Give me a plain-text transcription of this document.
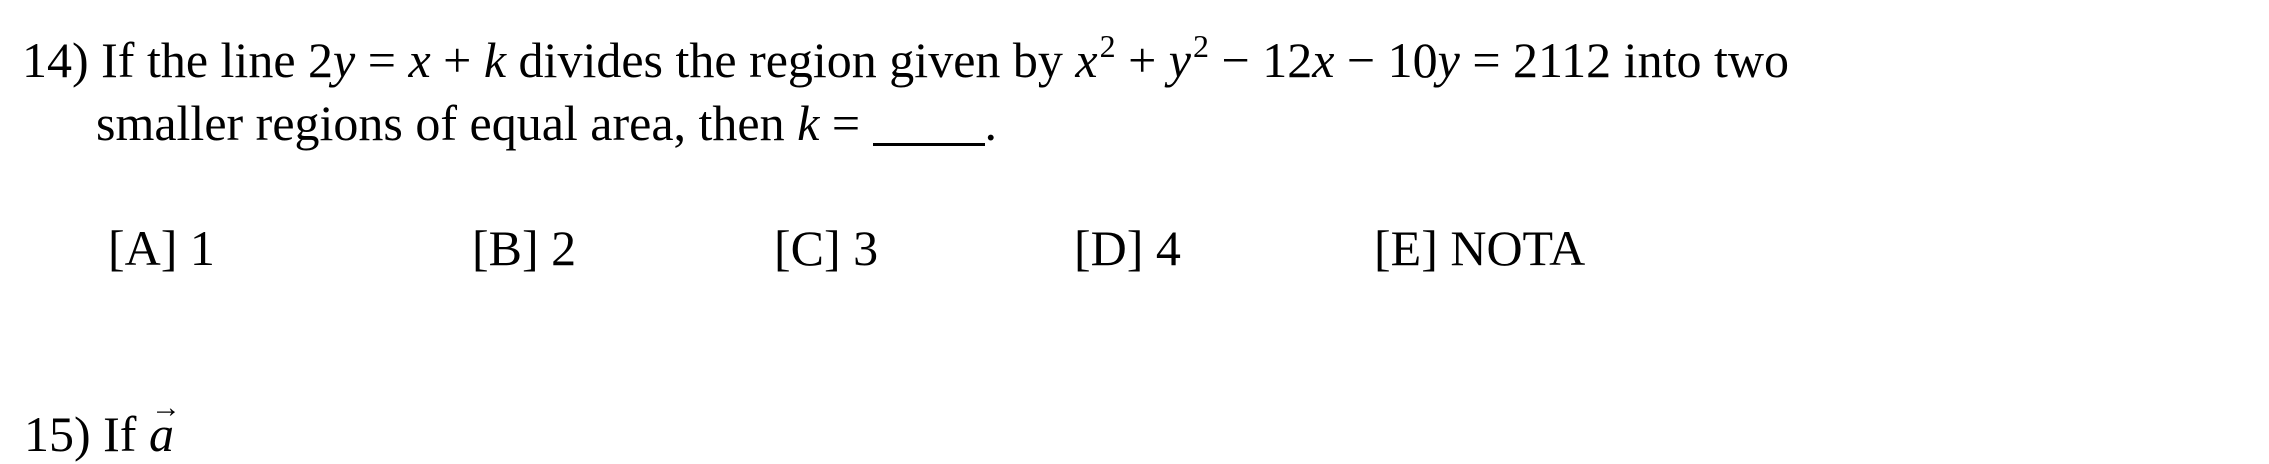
14) If the line 2y = x + k divides the region given by $x^2 + y^2 - 12x - 10y = 2112$ into two
smaller regions of equal area, then k = .
[A] 1	[B] 2	[C] 3	[D] 4	[E] NOTA
15) If → a
